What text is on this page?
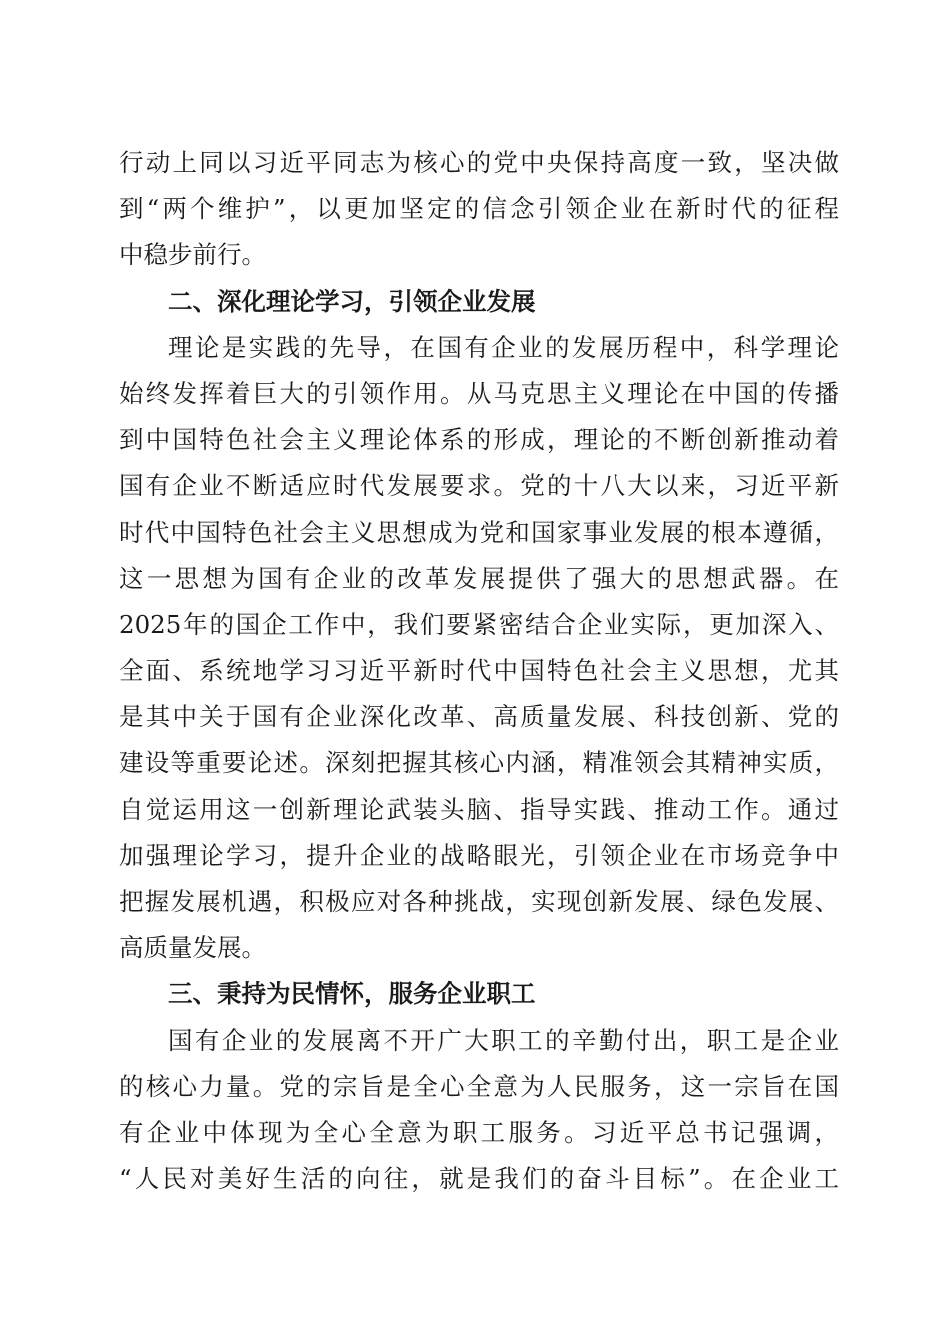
行动上同以习近平同志为核心的党中央保持高度一致，坚决做
到“两个维护”，以更加坚定的信念引领企业在新时代的征程
中稳步前行。
二、深化理论学习，引领企业发展
理论是实践的先导，在国有企业的发展历程中，科学理论
始终发挥着巨大的引领作用。从马克思主义理论在中国的传播
到中国特色社会主义理论体系的形成，理论的不断创新推动着
国有企业不断适应时代发展要求。党的十八大以来，习近平新
时代中国特色社会主义思想成为党和国家事业发展的根本遵循，
这一思想为国有企业的改革发展提供了强大的思想武器。在
2025年的国企工作中，我们要紧密结合企业实际，更加深入、
全面、系统地学习习近平新时代中国特色社会主义思想，尤其
是其中关于国有企业深化改革、高质量发展、科技创新、党的
建设等重要论述。深刻把握其核心内涵，精准领会其精神实质，
自觉运用这一创新理论武装头脑、指导实践、推动工作。通过
加强理论学习，提升企业的战略眼光，引领企业在市场竞争中
把握发展机遇，积极应对各种挑战，实现创新发展、绿色发展、
高质量发展。
三、秉持为民情怀，服务企业职工
国有企业的发展离不开广大职工的辛勤付出，职工是企业
的核心力量。党的宗旨是全心全意为人民服务，这一宗旨在国
有企业中体现为全心全意为职工服务。习近平总书记强调，
“人民对美好生活的向往，就是我们的奋斗目标”。在企业工
